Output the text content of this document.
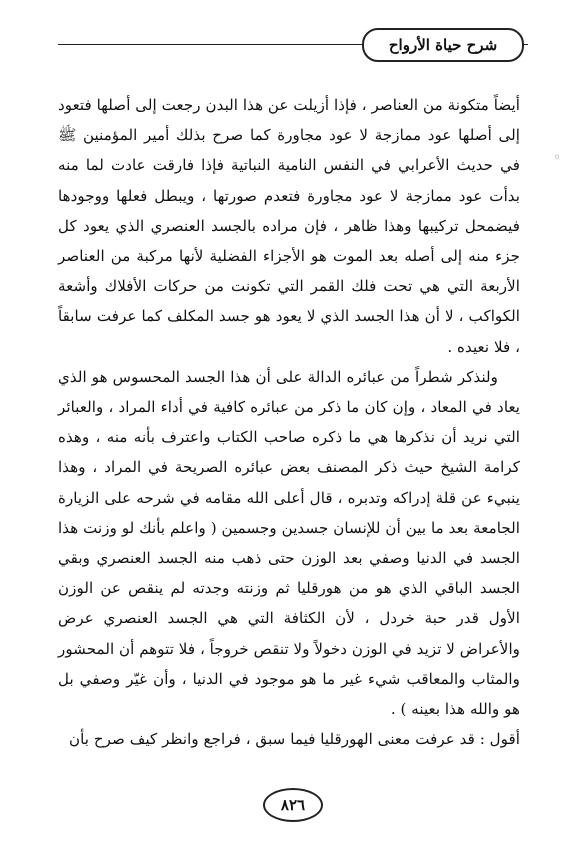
شرح حياة الأرواح
◦

أيضاً متكونة من العناصر ، فإذا أزيلت عن هذا البدن رجعت إلى أصلها فتعود إلى أصلها عود ممازجة لا عود مجاورة كما صرح بذلك أمير المؤمنين ﷺ في حديث الأعرابي في النفس النامية النباتية فإذا فارقت عادت لما منه بدأت عود ممازجة لا عود مجاورة فتعدم صورتها ، ويبطل فعلها ووجودها فيضمحل تركيبها وهذا ظاهر ، فإن مراده بالجسد العنصري الذي يعود كل جزء منه إلى أصله بعد الموت هو الأجزاء الفضلية لأنها مركبة من العناصر الأربعة التي هي تحت فلك القمر التي تكونت من حركات الأفلاك وأشعة الكواكب ، لا أن هذا الجسد الذي لا يعود هو جسد المكلف كما عرفت سابقاً ، فلا نعيده .

ولنذكر شطراً من عبائره الدالة على أن هذا الجسد المحسوس هو الذي يعاد في المعاد ، وإن كان ما ذكر من عبائره كافية في أداء المراد ، والعبائر التي نريد أن نذكرها هي ما ذكره صاحب الكتاب واعترف بأنه منه ، وهذه كرامة الشيخ حيث ذكر المصنف بعض عبائره الصريحة في المراد ، وهذا ينبيء عن قلة إدراكه وتدبره ، قال أعلى الله مقامه في شرحه على الزيارة الجامعة بعد ما بين أن للإنسان جسدين وجسمين ( واعلم بأنك لو وزنت هذا الجسد في الدنيا وصفي بعد الوزن حتى ذهب منه الجسد العنصري وبقي الجسد الباقي الذي هو من هورقليا ثم وزنته وجدته لم ينقص عن الوزن الأول قدر حبة خردل ، لأن الكثافة التي هي الجسد العنصري عرض والأعراض لا تزيد في الوزن دخولاً ولا تنقص خروجاً ، فلا تتوهم أن المحشور والمثاب والمعاقب شيء غير ما هو موجود في الدنيا ، وأن غيّر وصفي بل هو والله هذا بعينه ) .

أقول : قد عرفت معنى الهورقليا فيما سبق ، فراجع وانظر كيف صرح بأن

٨٢٦
